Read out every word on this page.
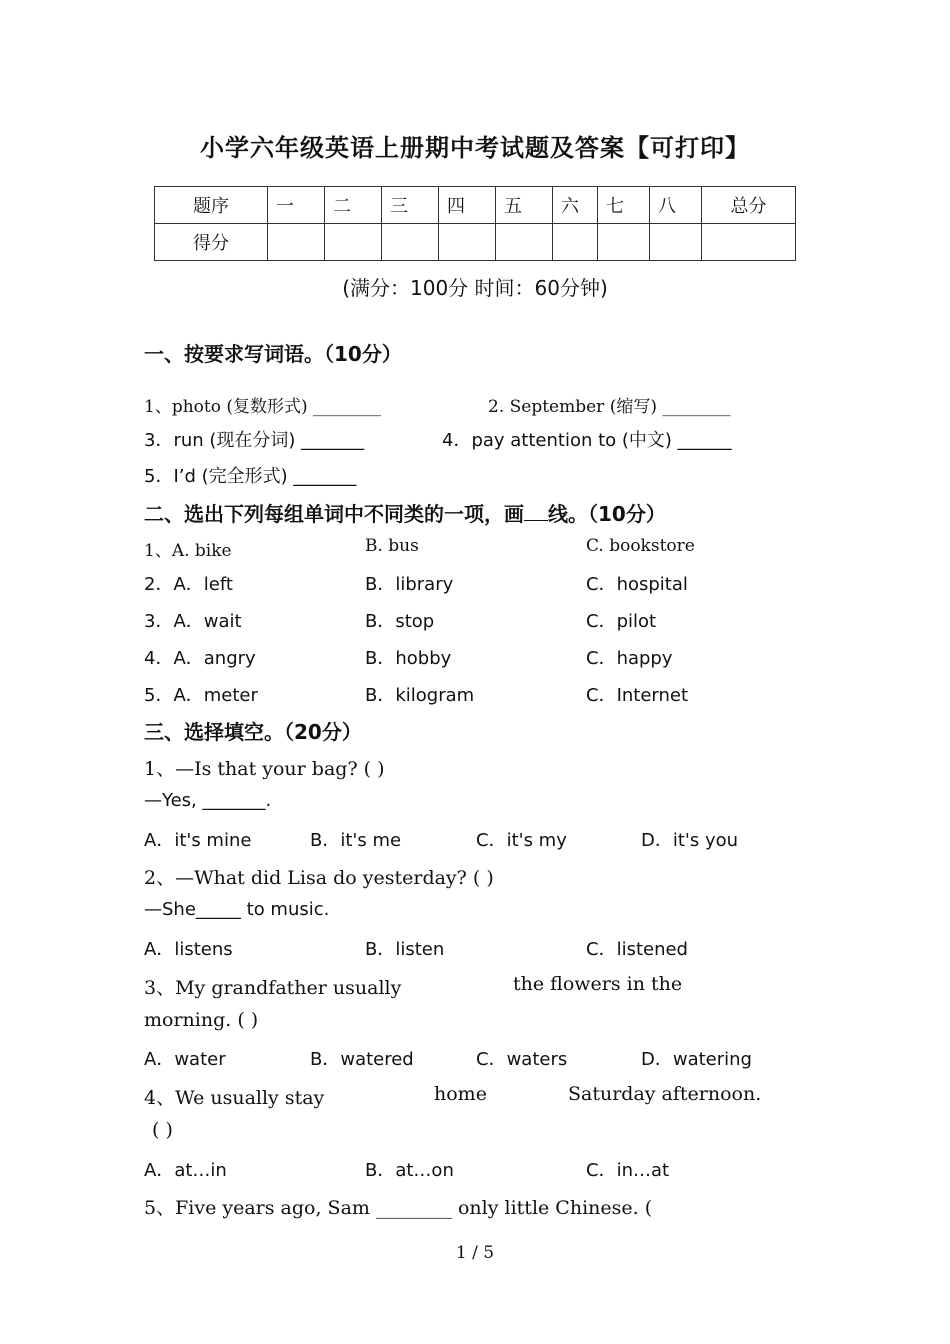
小学六年级英语上册期中考试题及答案【可打印】
题序	一	二	三	四	五	六	七	八	总分
得分									
(满分：100分 时间：60分钟)
一、按要求写词语。（10分）
1、photo (复数形式) ________	2. September (缩写) ________
3．run (现在分词) _______	4．pay attention to (中文) ______
5．I’d (完全形式) _______
二、选出下列每组单词中不同类的一项，画 线。（10分）
1、A. bike	B. bus	C. bookstore
2．A．left	B．library	C．hospital
3．A．wait	B．stop	C．pilot
4．A．angry	B．hobby	C．happy
5．A．meter	B．kilogram	C．Internet
三、选择填空。（20分）
1、—Is that your bag? ( )
—Yes, _______.
A．it's mine	B．it's me	C．it's my	D．it's you
2、—What did Lisa do yesterday? ( )
—She_____ to music.
A．listens	B．listen	C．listened
3、My grandfather usually	the flowers in the
morning. ( )
A．water	B．watered	C．waters	D．watering
4、We usually stay	home	Saturday afternoon.
( )
A．at…in	B．at…on	C．in…at
5、Five years ago, Sam ________ only little Chinese. (
1 / 5
